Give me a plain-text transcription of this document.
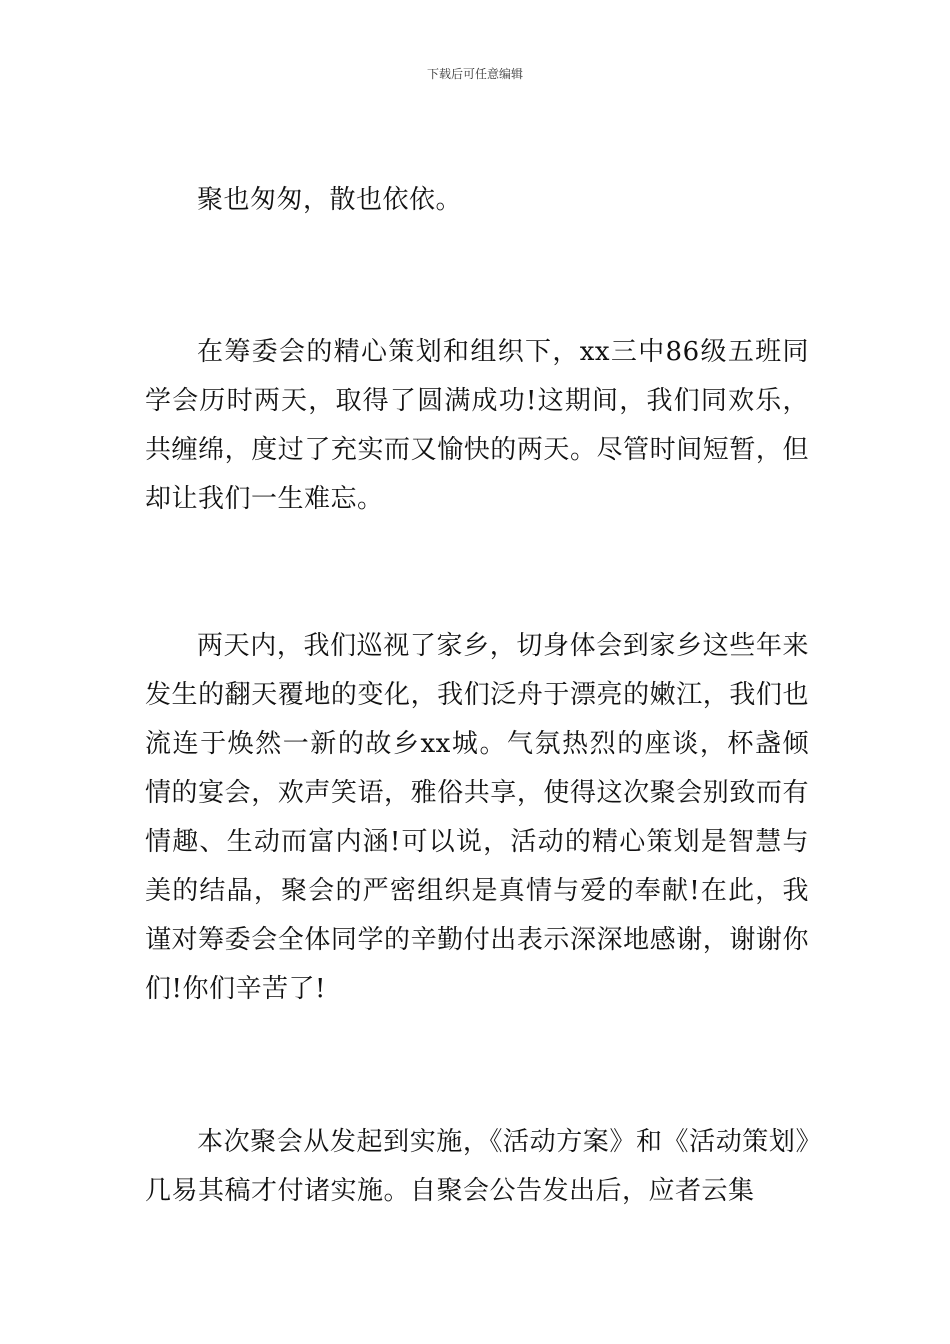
下载后可任意编辑

聚也匆匆，散也依依。

在筹委会的精心策划和组织下，xx三中86级五班同学会历时两天，取得了圆满成功!这期间，我们同欢乐，共缠绵，度过了充实而又愉快的两天。尽管时间短暂，但却让我们一生难忘。

两天内，我们巡视了家乡，切身体会到家乡这些年来发生的翻天覆地的变化，我们泛舟于漂亮的嫩江，我们也流连于焕然一新的故乡xx城。气氛热烈的座谈，杯盏倾情的宴会，欢声笑语，雅俗共享，使得这次聚会别致而有情趣、生动而富内涵!可以说，活动的精心策划是智慧与美的结晶，聚会的严密组织是真情与爱的奉献!在此，我谨对筹委会全体同学的辛勤付出表示深深地感谢，谢谢你们!你们辛苦了!

本次聚会从发起到实施，《活动方案》和《活动策划》几易其稿才付诸实施。自聚会公告发出后，应者云集
